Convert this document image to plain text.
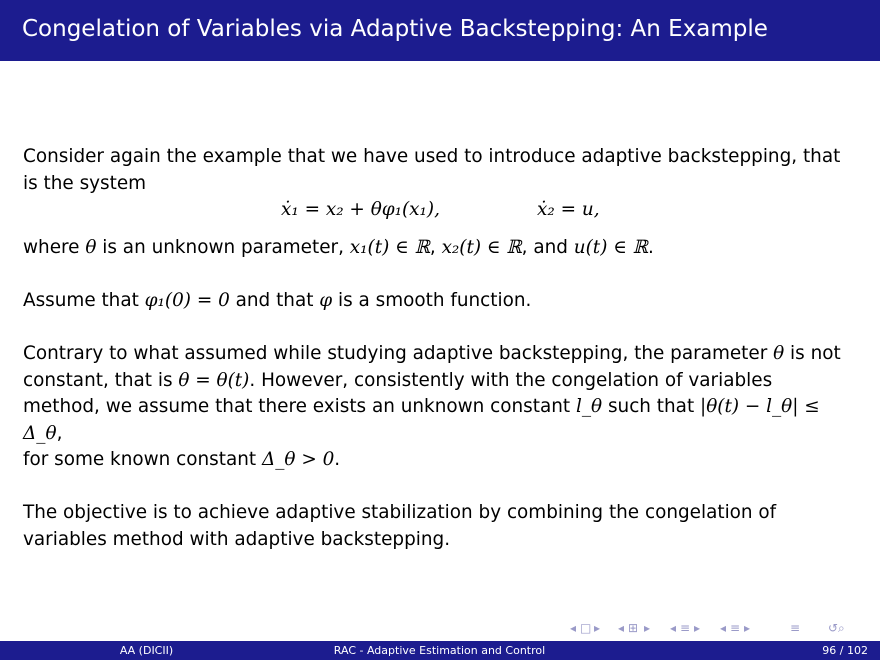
Congelation of Variables via Adaptive Backstepping: An Example

Consider again the example that we have used to introduce adaptive backstepping, that
is the system

ẋ₁ = x₂ + θφ₁(x₁),	ẋ₂ = u,

where θ is an unknown parameter, x₁(t) ∈ ℝ, x₂(t) ∈ ℝ, and u(t) ∈ ℝ.

Assume that φ₁(0) = 0 and that φ is a smooth function.

Contrary to what assumed while studying adaptive backstepping, the parameter θ is not
constant, that is θ = θ(t). However, consistently with the congelation of variables
method, we assume that there exists an unknown constant l_θ such that |θ(t) − l_θ| ≤ Δ_θ,
for some known constant Δ_θ > 0.

The objective is to achieve adaptive stabilization by combining the congelation of
variables method with adaptive backstepping.

◂ □ ▸ ◂ ⊞ ▸ ◂ ≡ ▸ ◂ ≡ ▸	≡ ↺⌕
AA (DICII)	RAC - Adaptive Estimation and Control	96 / 102
